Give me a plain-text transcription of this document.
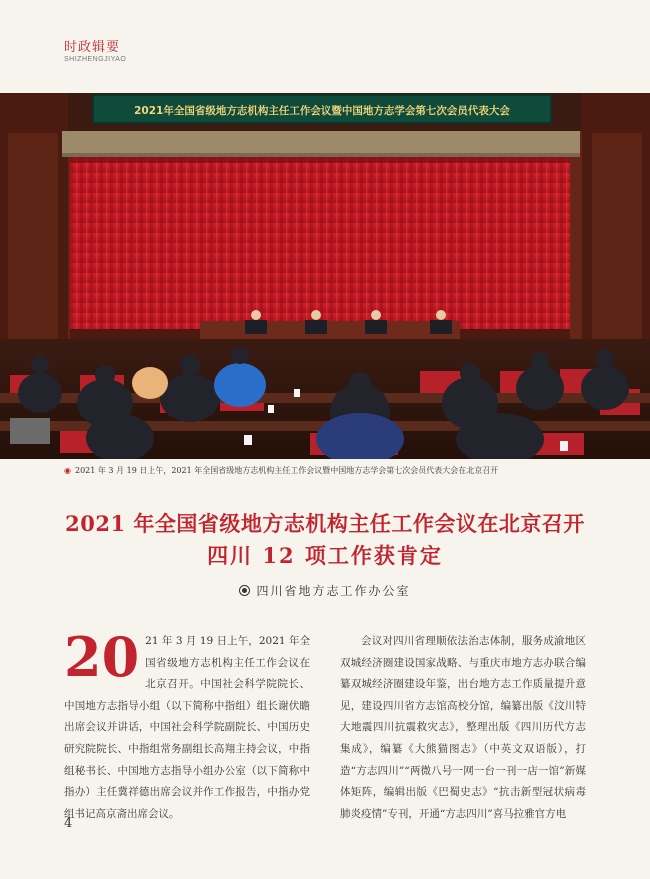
时政辑要
SHIZHENGJIYAO
2021年全国省级地方志机构主任工作会议暨中国地方志学会第七次会员代表大会
◉ 2021 年 3 月 19 日上午，2021 年全国省级地方志机构主任工作会议暨中国地方志学会第七次会员代表大会在北京召开
2021 年全国省级地方志机构主任工作会议在北京召开
四川 12 项工作获肯定
四川省地方志工作办公室
20 21 年 3 月 19 日上午，2021 年全国省级地方志机构主任工作会议在北京召开。中国社会科学院院长、中国地方志指导小组（以下简称中指组）组长谢伏瞻出席会议并讲话，中国社会科学院副院长、中国历史研究院院长、中指组常务副组长高翔主持会议，中指组秘书长、中国地方志指导小组办公室（以下简称中指办）主任冀祥德出席会议并作工作报告，中指办党组书记高京斋出席会议。
会议对四川省理顺依法治志体制，服务成渝地区双城经济圈建设国家战略、与重庆市地方志办联合编纂双城经济圈建设年鉴，出台地方志工作质量提升意见，建设四川省方志馆高校分馆，编纂出版《汶川特大地震四川抗震救灾志》，整理出版《四川历代方志集成》，编纂《大熊猫图志》（中英文双语版），打造“方志四川”“两微八号一网一台一刊一店一馆”新媒体矩阵，编辑出版《巴蜀史志》“抗击新型冠状病毒肺炎疫情”专刊，开通“方志四川”喜马拉雅官方电
4
